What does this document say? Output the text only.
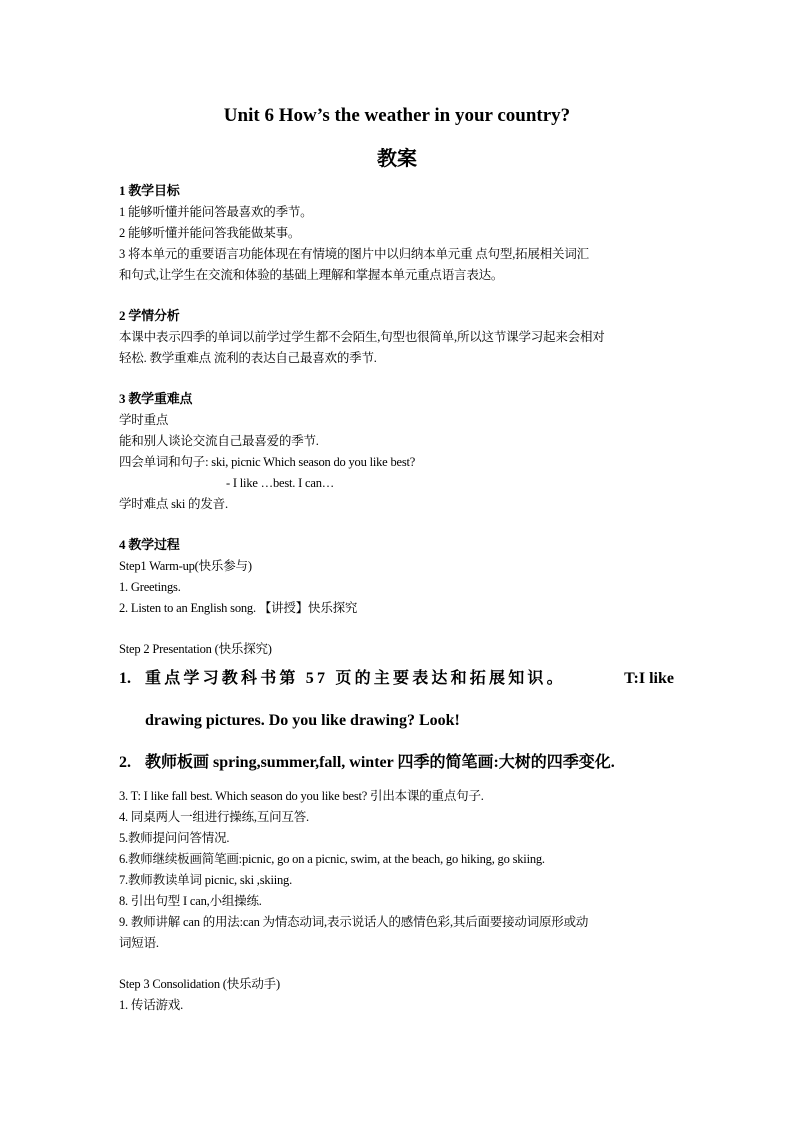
Unit 6 How’s the weather in your country?
教案
1 教学目标
1 能够听懂并能问答最喜欢的季节。
2 能够听懂并能问答我能做某事。
3 将本单元的重要语言功能体现在有情境的图片中以归纳本单元重 点句型,拓展相关词汇
和句式,让学生在交流和体验的基础上理解和掌握本单元重点语言表达。
2 学情分析
本课中表示四季的单词以前学过学生都不会陌生,句型也很简单,所以这节课学习起来会相对
轻松. 教学重难点 流利的表达自己最喜欢的季节.
3 教学重难点
学时重点
能和别人谈论交流自己最喜爱的季节.
四会单词和句子: ski, picnic Which season do you like best?
- I like …best. I can…
学时难点 ski 的发音.
4 教学过程
Step1 Warm-up(快乐参与)
1. Greetings.
2. Listen to an English song. 【讲授】快乐探究
Step 2 Presentation (快乐探究)
1. 重点学习教科书第 57 页的主要表达和拓展知识。	T:I like
drawing pictures. Do you like drawing? Look!
2. 教师板画 spring,summer,fall, winter 四季的简笔画:大树的四季变化.
3. T: I like fall best. Which season do you like best? 引出本课的重点句子.
4. 同桌两人一组进行操练,互问互答.
5.教师提问问答情况.
6.教师继续板画简笔画:picnic, go on a picnic, swim, at the beach, go hiking, go skiing.
7.教师教读单词 picnic, ski ,skiing.
8. 引出句型 I can,小组操练.
9. 教师讲解 can 的用法:can 为情态动词,表示说话人的感情色彩,其后面要接动词原形或动
词短语.
Step 3 Consolidation (快乐动手)
1. 传话游戏.
